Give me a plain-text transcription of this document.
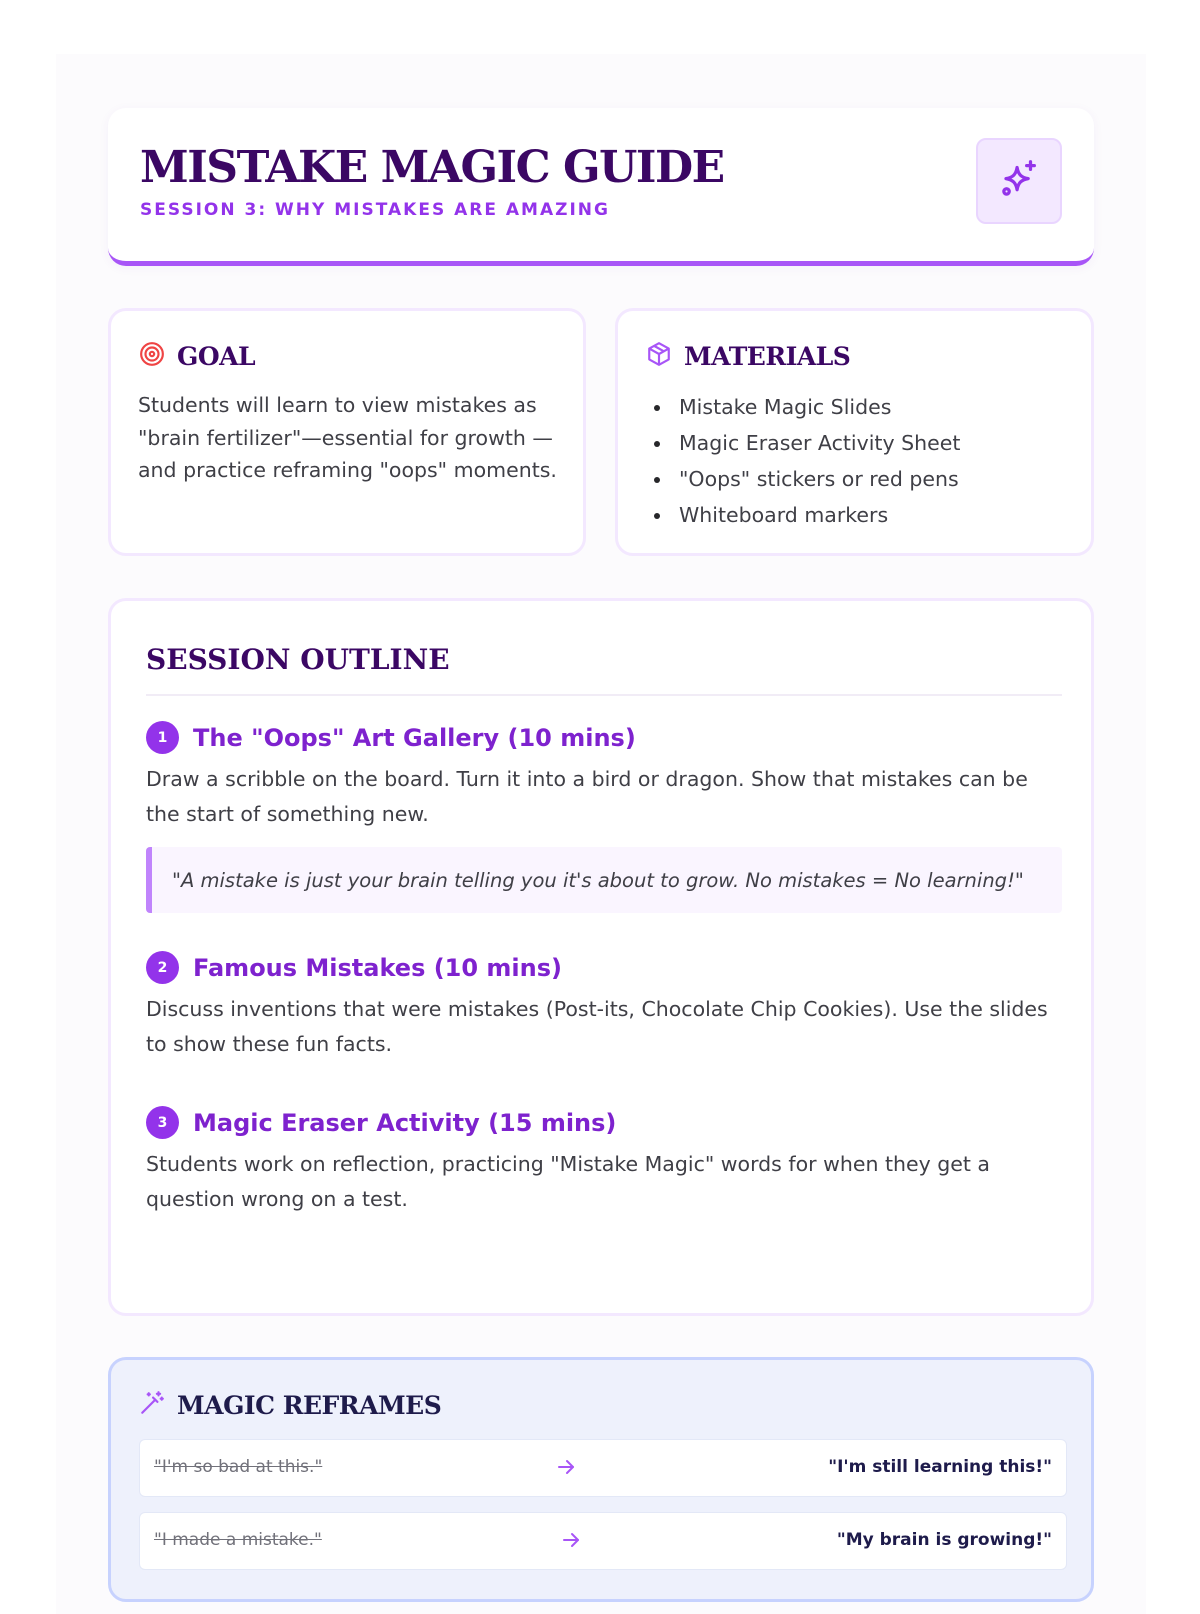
MISTAKE MAGIC GUIDE
SESSION 3: WHY MISTAKES ARE AMAZING
GOAL
Students will learn to view mistakes as "brain fertilizer"—essential for growth —and practice reframing "oops" moments.
MATERIALS
Mistake Magic Slides
Magic Eraser Activity Sheet
"Oops" stickers or red pens
Whiteboard markers
SESSION OUTLINE
1	The "Oops" Art Gallery (10 mins)
Draw a scribble on the board. Turn it into a bird or dragon. Show that mistakes can be the start of something new.
"A mistake is just your brain telling you it's about to grow. No mistakes = No learning!"
2	Famous Mistakes (10 mins)
Discuss inventions that were mistakes (Post-its, Chocolate Chip Cookies). Use the slides to show these fun facts.
3	Magic Eraser Activity (15 mins)
Students work on reflection, practicing "Mistake Magic" words for when they get a question wrong on a test.
MAGIC REFRAMES
"I'm so bad at this."	"I'm still learning this!"
"I made a mistake."	"My brain is growing!"
